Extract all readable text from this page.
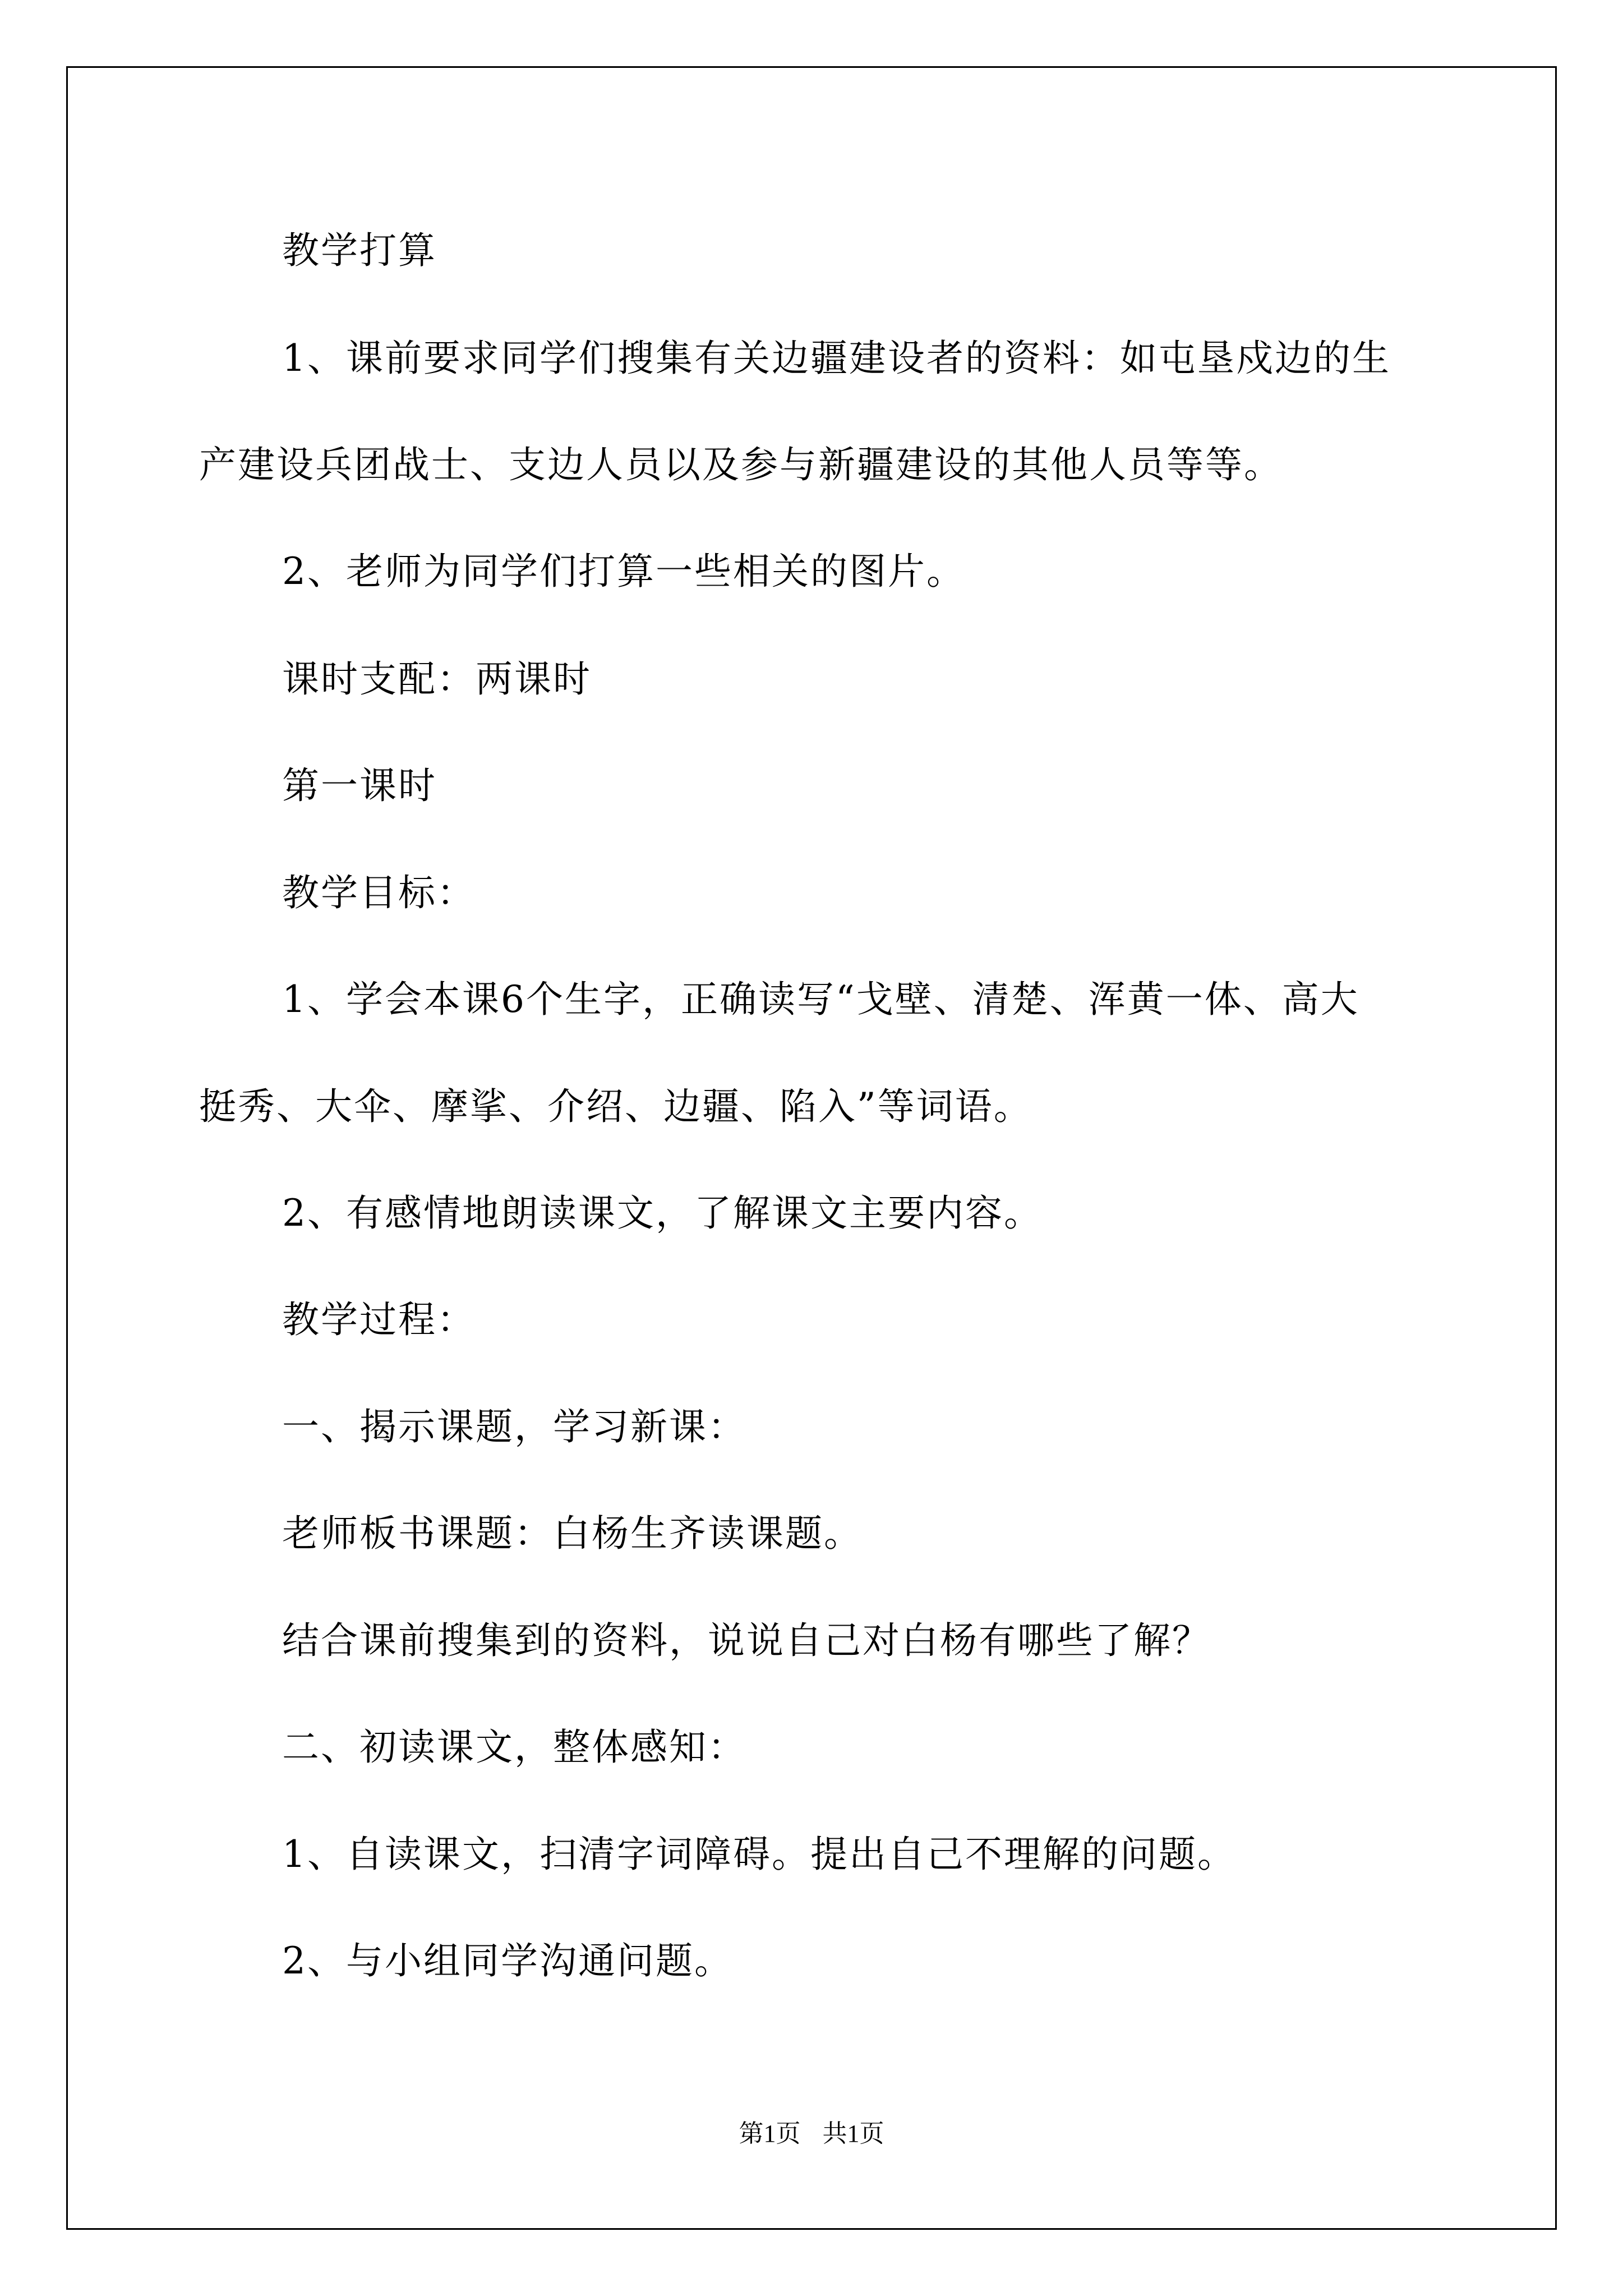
教学打算
1、课前要求同学们搜集有关边疆建设者的资料：如屯垦戍边的生
产建设兵团战士、支边人员以及参与新疆建设的其他人员等等。
2、老师为同学们打算一些相关的图片。
课时支配：两课时
第一课时
教学目标：
1、学会本课6个生字，正确读写“戈壁、清楚、浑黄一体、高大
挺秀、大伞、摩挲、介绍、边疆、陷入”等词语。
2、有感情地朗读课文，了解课文主要内容。
教学过程：
一、揭示课题，学习新课：
老师板书课题：白杨生齐读课题。
结合课前搜集到的资料，说说自己对白杨有哪些了解？
二、初读课文，整体感知：
1、自读课文，扫清字词障碍。提出自己不理解的问题。
2、与小组同学沟通问题。
第1页 共1页
